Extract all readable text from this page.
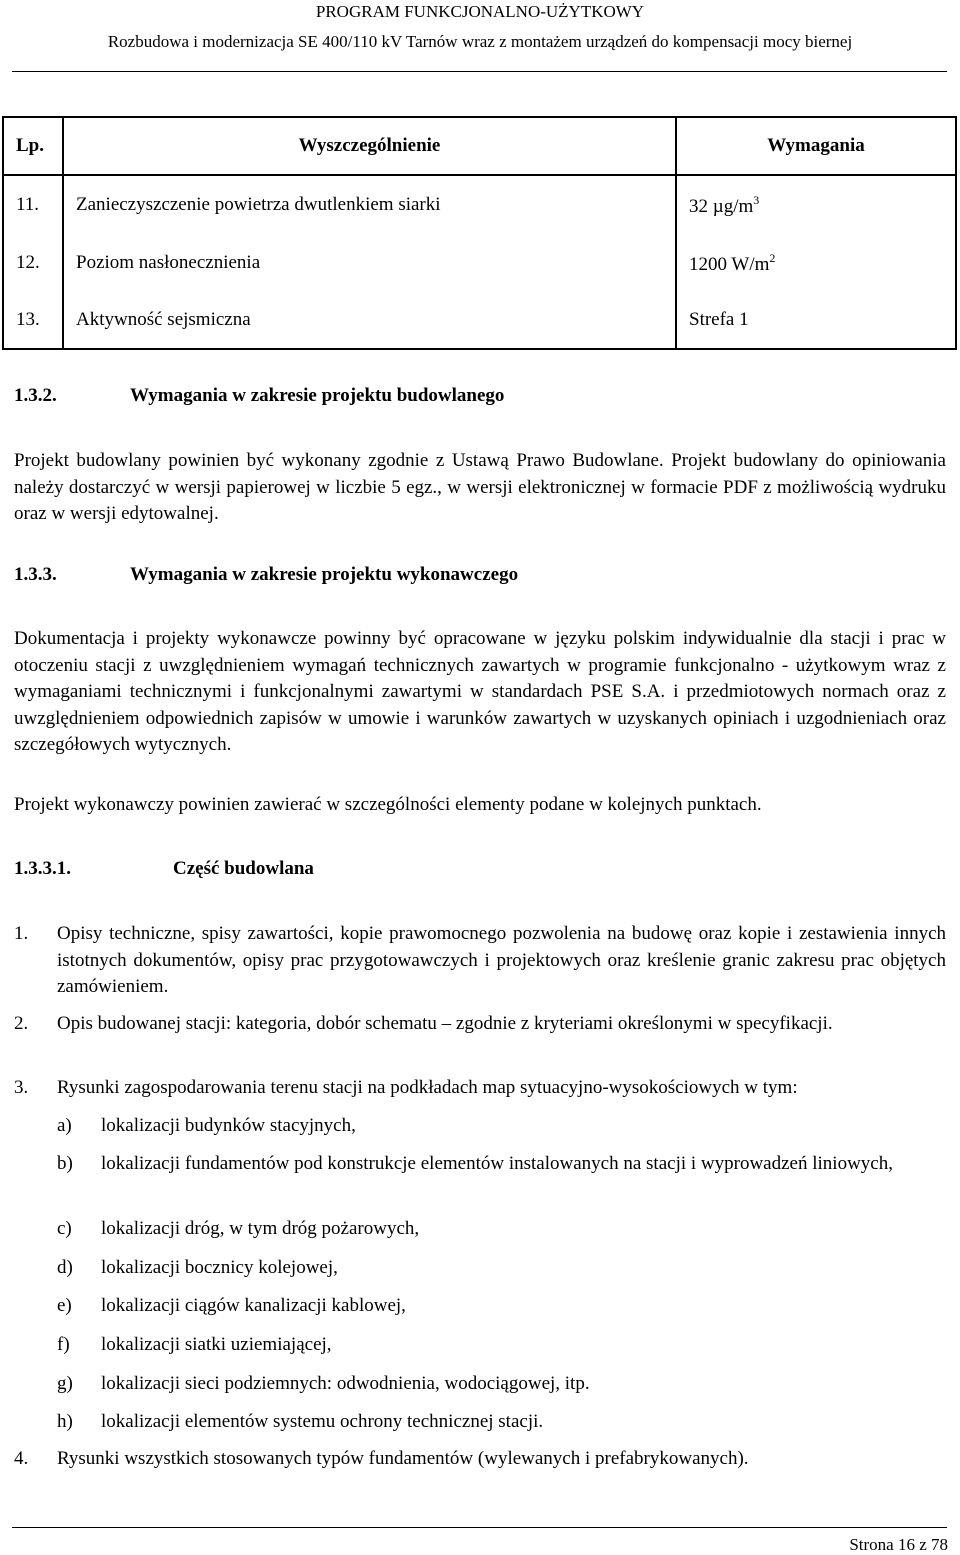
PROGRAM FUNKCJONALNO-UŻYTKOWY
Rozbudowa i modernizacja SE 400/110 kV Tarnów wraz z montażem urządzeń do kompensacji mocy biernej
Lp.	Wyszczególnienie	Wymagania
11.	Zanieczyszczenie powietrza dwutlenkiem siarki	32 $\mu g/m^3$
12.	Poziom nasłonecznienia	1200 $W/m^2$
13.	Aktywność sejsmiczna	Strefa 1
1.3.2.	Wymagania w zakresie projektu budowlanego
Projekt budowlany powinien być wykonany zgodnie z Ustawą Prawo Budowlane. Projekt budowlany do opiniowania należy dostarczyć w wersji papierowej w liczbie 5 egz., w wersji elektronicznej w formacie PDF z możliwością wydruku oraz w wersji edytowalnej.
1.3.3.	Wymagania w zakresie projektu wykonawczego
Dokumentacja i projekty wykonawcze powinny być opracowane w języku polskim indywidualnie dla stacji i prac w otoczeniu stacji z uwzględnieniem wymagań technicznych zawartych w programie funkcjonalno - użytkowym wraz z wymaganiami technicznymi i funkcjonalnymi zawartymi w standardach PSE S.A. i przedmiotowych normach oraz z uwzględnieniem odpowiednich zapisów w umowie i warunków zawartych w uzyskanych opiniach i uzgodnieniach oraz szczegółowych wytycznych.
Projekt wykonawczy powinien zawierać w szczególności elementy podane w kolejnych punktach.
1.3.3.1.	Część budowlana
1. Opisy techniczne, spisy zawartości, kopie prawomocnego pozwolenia na budowę oraz kopie i zestawienia innych istotnych dokumentów, opisy prac przygotowawczych i projektowych oraz kreślenie granic zakresu prac objętych zamówieniem.
2. Opis budowanej stacji: kategoria, dobór schematu – zgodnie z kryteriami określonymi w specyfikacji.
3. Rysunki zagospodarowania terenu stacji na podkładach map sytuacyjno-wysokościowych w tym:
a) lokalizacji budynków stacyjnych,
b) lokalizacji fundamentów pod konstrukcje elementów instalowanych na stacji i wyprowadzeń liniowych,
c) lokalizacji dróg, w tym dróg pożarowych,
d) lokalizacji bocznicy kolejowej,
e) lokalizacji ciągów kanalizacji kablowej,
f) lokalizacji siatki uziemiającej,
g) lokalizacji sieci podziemnych: odwodnienia, wodociągowej, itp.
h) lokalizacji elementów systemu ochrony technicznej stacji.
4. Rysunki wszystkich stosowanych typów fundamentów (wylewanych i prefabrykowanych).
Strona 16 z 78
